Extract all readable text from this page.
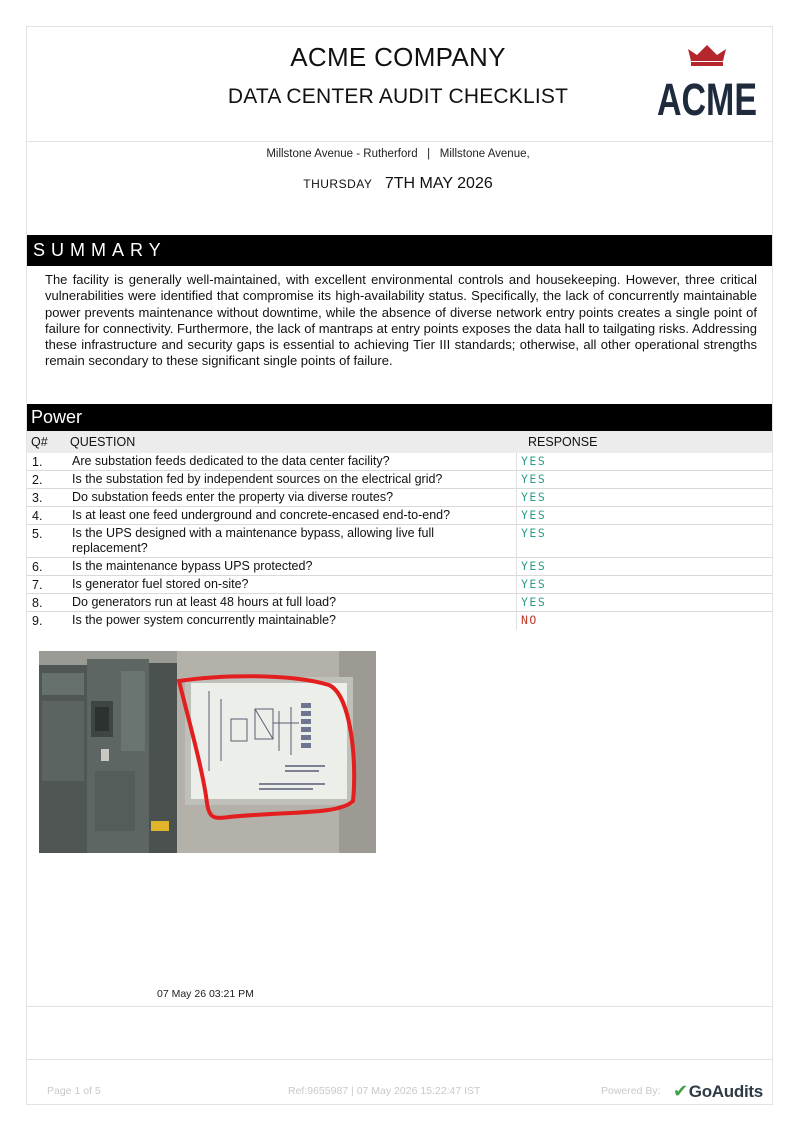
ACME COMPANY
DATA CENTER AUDIT CHECKLIST	ACME
Millstone Avenue - Rutherford   |   Millstone Avenue,
THURSDAY 7TH MAY 2026
SUMMARY
The facility is generally well-maintained, with excellent environmental controls and housekeeping. However, three critical vulnerabilities were identified that compromise its high-availability status. Specifically, the lack of concurrently maintainable power prevents maintenance without downtime, while the absence of diverse network entry points creates a single point of failure for connectivity. Furthermore, the lack of mantraps at entry points exposes the data hall to tailgating risks. Addressing these infrastructure and security gaps is essential to achieving Tier III standards; otherwise, all other operational strengths remain secondary to these significant single points of failure.
Power
Q# QUESTION	RESPONSE
1. Are substation feeds dedicated to the data center facility?	YES
2. Is the substation fed by independent sources on the electrical grid?	YES
3. Do substation feeds enter the property via diverse routes?	YES
4. Is at least one feed underground and concrete-encased end-to-end?	YES
5. Is the UPS designed with a maintenance bypass, allowing live full replacement?
YES
6. Is the maintenance bypass UPS protected?	YES
7. Is generator fuel stored on-site?	YES
8. Do generators run at least 48 hours at full load?	YES
9. Is the power system concurrently maintainable?	NO
07 May 26 03:21 PM
Page 1 of 5	Ref:9655987 | 07 May 2026 15:22:47 IST	Powered By: ✔GoAudits
